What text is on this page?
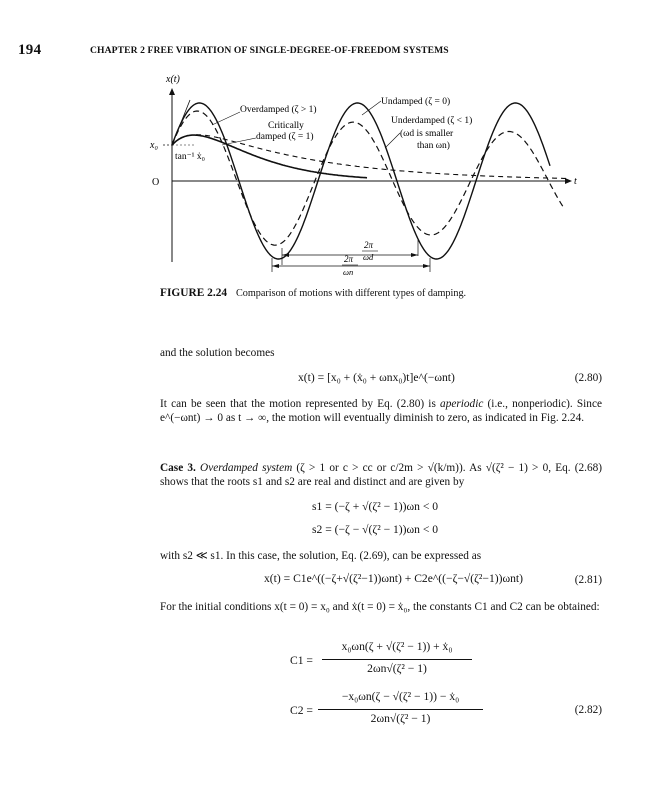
194	CHAPTER 2 FREE VIBRATION OF SINGLE-DEGREE-OF-FREEDOM SYSTEMS
x(t)
t
x₀
O
tan⁻¹ ẋ₀
Overdamped (ζ > 1)
Critically
damped (ζ = 1)
Undamped (ζ = 0)
Underdamped (ζ < 1)
(ωd is smaller
than ωn)
2π
ωd
2π
ωn
FIGURE 2.24 Comparison of motions with different types of damping.
and the solution becomes
x(t) = [x₀ + (ẋ₀ + ωnx₀)t]e^(−ωnt)	(2.80)
It can be seen that the motion represented by Eq. (2.80) is aperiodic (i.e., nonperiodic). Since e^(−ωnt) → 0 as t → ∞, the motion will eventually diminish to zero, as indicated in Fig. 2.24.
Case 3. Overdamped system (ζ > 1 or c > cc or c/2m > √(k/m)). As √(ζ² − 1) > 0, Eq. (2.68) shows that the roots s1 and s2 are real and distinct and are given by
s1 = (−ζ + √(ζ² − 1))ωn < 0
s2 = (−ζ − √(ζ² − 1))ωn < 0
with s2 ≪ s1. In this case, the solution, Eq. (2.69), can be expressed as
x(t) = C1e^((−ζ+√(ζ²−1))ωnt) + C2e^((−ζ−√(ζ²−1))ωnt)	(2.81)
For the initial conditions x(t = 0) = x₀ and ẋ(t = 0) = ẋ₀, the constants C1 and C2 can be obtained:
C1 =
x₀ωn(ζ + √(ζ² − 1)) + ẋ₀
2ωn√(ζ² − 1)
C2 =
−x₀ωn(ζ − √(ζ² − 1)) − ẋ₀
2ωn√(ζ² − 1)
(2.82)
